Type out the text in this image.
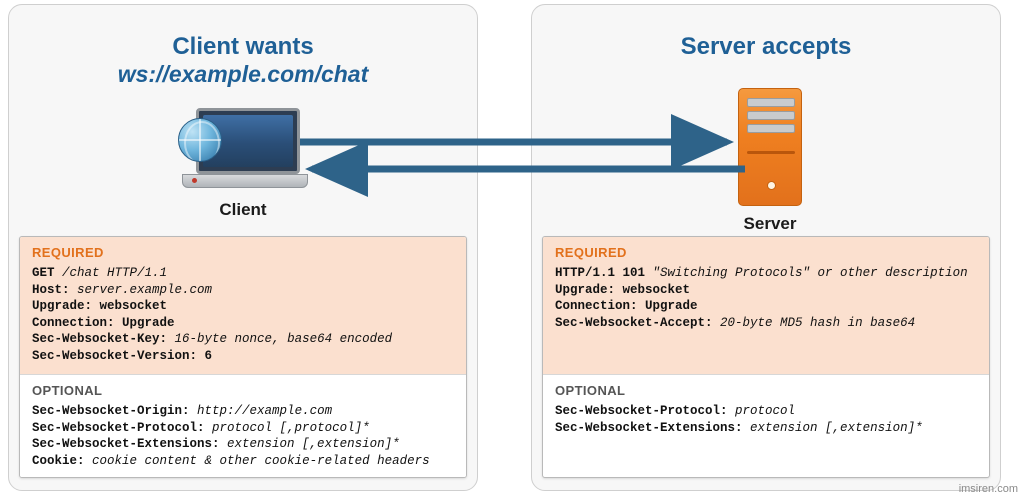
Client wants
ws://example.com/chat
Server accepts
Client
Server
REQUIRED
GET /chat HTTP/1.1
Host: server.example.com
Upgrade: websocket
Connection: Upgrade
Sec-Websocket-Key: 16-byte nonce, base64 encoded
Sec-Websocket-Version: 6
OPTIONAL
Sec-Websocket-Origin: http://example.com
Sec-Websocket-Protocol: protocol [,protocol]*
Sec-Websocket-Extensions: extension [,extension]*
Cookie: cookie content & other cookie-related headers
REQUIRED
HTTP/1.1 101 "Switching Protocols" or other description
Upgrade: websocket
Connection: Upgrade
Sec-Websocket-Accept: 20-byte MD5 hash in base64

OPTIONAL
Sec-Websocket-Protocol: protocol
Sec-Websocket-Extensions: extension [,extension]*
imsiren.com
